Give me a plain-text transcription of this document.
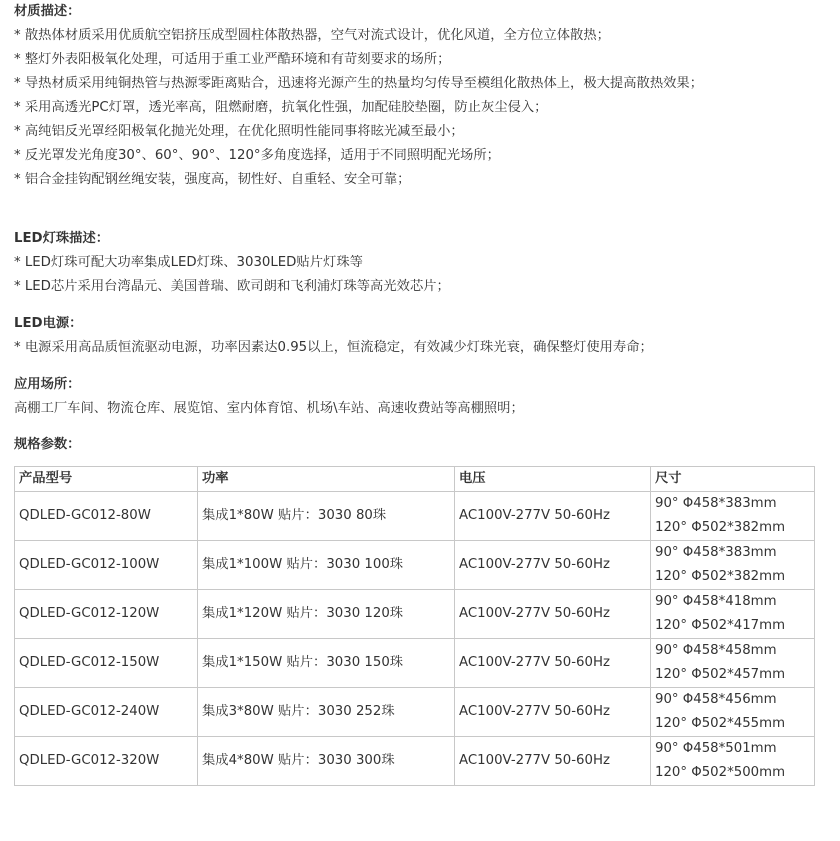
材质描述：
* 散热体材质采用优质航空铝挤压成型圆柱体散热器，空气对流式设计，优化风道，全方位立体散热；
* 整灯外表阳极氧化处理，可适用于重工业严酷环境和有苛刻要求的场所；
* 导热材质采用纯铜热管与热源零距离贴合，迅速将光源产生的热量均匀传导至模组化散热体上，极大提高散热效果；
* 采用高透光PC灯罩，透光率高，阻燃耐磨，抗氧化性强，加配硅胶垫圈，防止灰尘侵入；
* 高纯铝反光罩经阳极氧化抛光处理，在优化照明性能同事将眩光减至最小；
* 反光罩发光角度30°、60°、90°、120°多角度选择，适用于不同照明配光场所；
* 铝合金挂钩配钢丝绳安装，强度高，韧性好、自重轻、安全可靠；
LED灯珠描述：
* LED灯珠可配大功率集成LED灯珠、3030LED贴片灯珠等
* LED芯片采用台湾晶元、美国普瑞、欧司朗和飞利浦灯珠等高光效芯片；
LED电源：
* 电源采用高品质恒流驱动电源，功率因素达0.95以上，恒流稳定，有效减少灯珠光衰，确保整灯使用寿命；
应用场所：
高棚工厂车间、物流仓库、展览馆、室内体育馆、机场\车站、高速收费站等高棚照明；
规格参数：
产品型号	功率	电压	尺寸
QDLED-GC012-80W	集成1*80W 贴片：3030 80珠	AC100V-277V 50-60Hz	90° Φ458*383mm
120° Φ502*382mm

QDLED-GC012-100W	集成1*100W 贴片：3030 100珠	AC100V-277V 50-60Hz	90° Φ458*383mm
120° Φ502*382mm

QDLED-GC012-120W	集成1*120W 贴片：3030 120珠	AC100V-277V 50-60Hz	90° Φ458*418mm
120° Φ502*417mm

QDLED-GC012-150W	集成1*150W 贴片：3030 150珠	AC100V-277V 50-60Hz	90° Φ458*458mm
120° Φ502*457mm

QDLED-GC012-240W	集成3*80W 贴片：3030 252珠	AC100V-277V 50-60Hz	90° Φ458*456mm
120° Φ502*455mm

QDLED-GC012-320W	集成4*80W 贴片：3030 300珠	AC100V-277V 50-60Hz	90° Φ458*501mm
120° Φ502*500mm
